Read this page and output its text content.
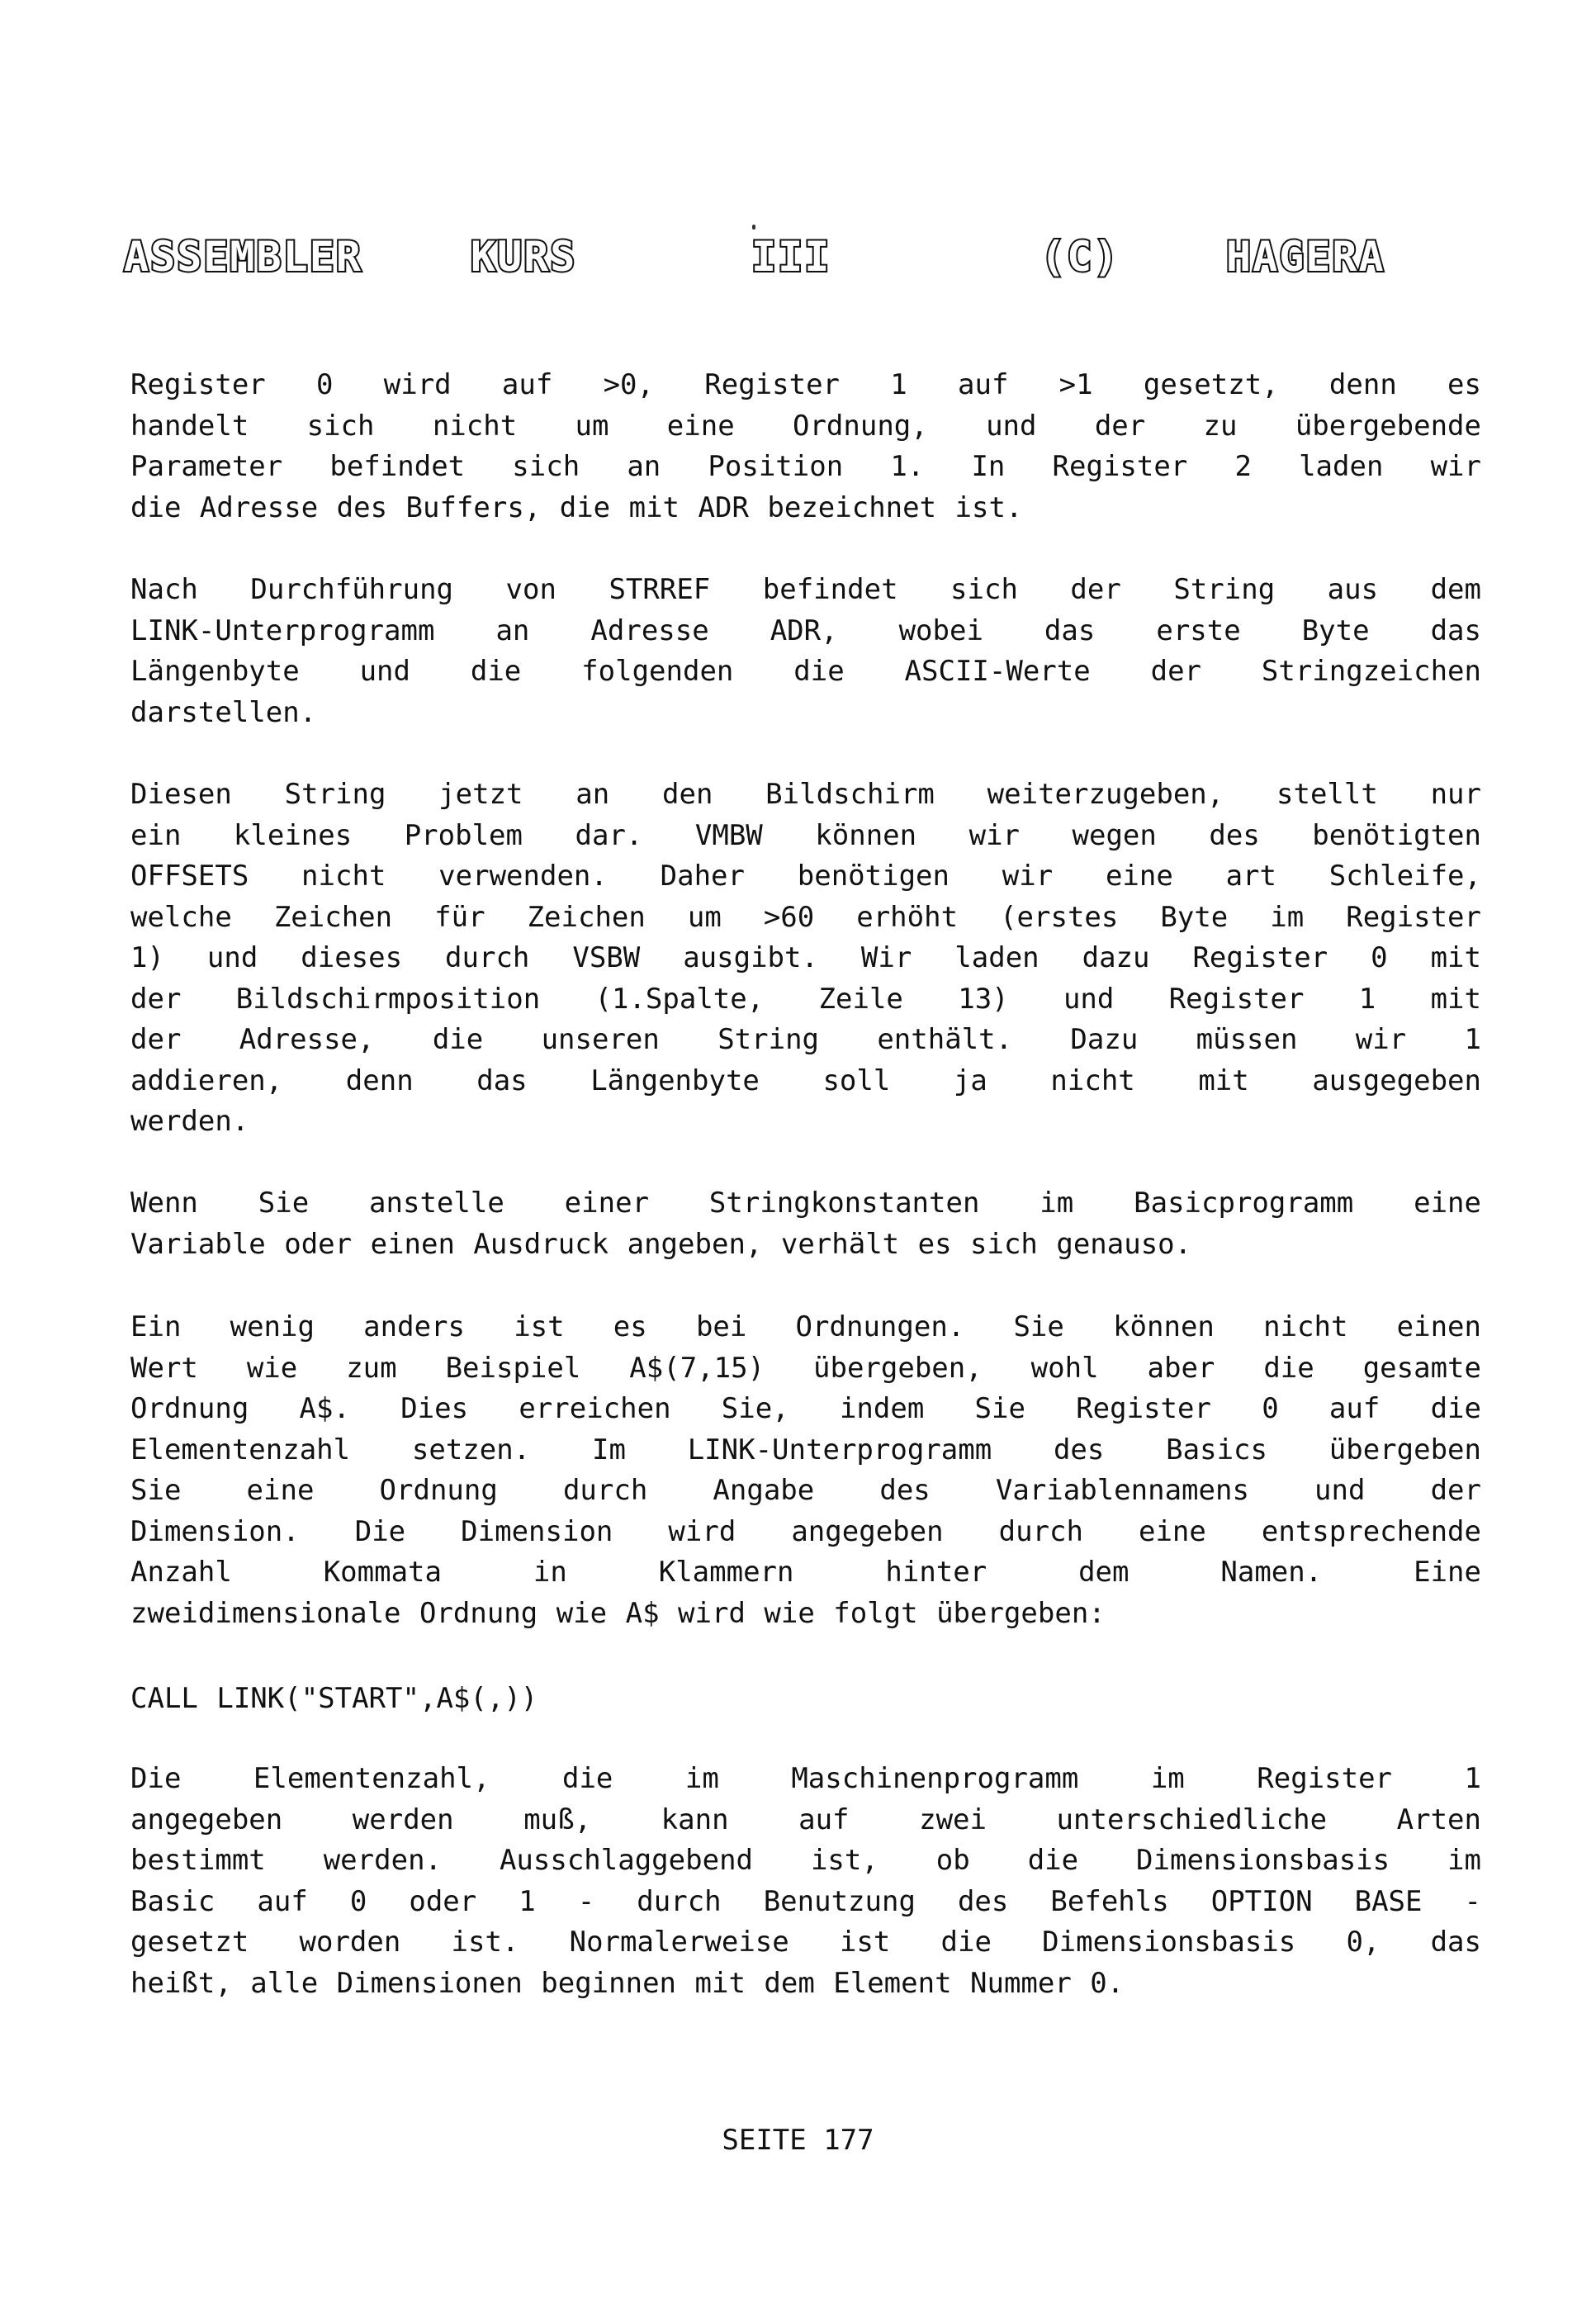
ASSEMBLER	KURS	III	(C)	HAGERA
Register 0 wird auf >0, Register 1 auf >1 gesetzt, denn es
handelt sich nicht um eine Ordnung, und der zu übergebende
Parameter befindet sich an Position 1. In Register 2 laden wir
die Adresse des Buffers, die mit ADR bezeichnet ist.
Nach Durchführung von STRREF befindet sich der String aus dem
LINK-Unterprogramm an Adresse ADR, wobei das erste Byte das
Längenbyte und die folgenden die ASCII-Werte der Stringzeichen
darstellen.
Diesen String jetzt an den Bildschirm weiterzugeben, stellt nur
ein kleines Problem dar. VMBW können wir wegen des benötigten
OFFSETS nicht verwenden. Daher benötigen wir eine art Schleife,
welche Zeichen für Zeichen um >60 erhöht (erstes Byte im Register
1) und dieses durch VSBW ausgibt. Wir laden dazu Register 0 mit
der Bildschirmposition (1.Spalte, Zeile 13) und Register 1 mit
der Adresse, die unseren String enthält. Dazu müssen wir 1
addieren, denn das Längenbyte soll ja nicht mit ausgegeben
werden.
Wenn Sie anstelle einer Stringkonstanten im Basicprogramm eine
Variable oder einen Ausdruck angeben, verhält es sich genauso.
Ein wenig anders ist es bei Ordnungen. Sie können nicht einen
Wert wie zum Beispiel A$(7,15) übergeben, wohl aber die gesamte
Ordnung A$. Dies erreichen Sie, indem Sie Register 0 auf die
Elementenzahl setzen. Im LINK-Unterprogramm des Basics übergeben
Sie eine Ordnung durch Angabe des Variablennamens und der
Dimension. Die Dimension wird angegeben durch eine entsprechende
Anzahl Kommata in Klammern hinter dem Namen. Eine
zweidimensionale Ordnung wie A$ wird wie folgt übergeben:
CALL LINK("START",A$(,))
Die Elementenzahl, die im Maschinenprogramm im Register 1
angegeben werden muß, kann auf zwei unterschiedliche Arten
bestimmt werden. Ausschlaggebend ist, ob die Dimensionsbasis im
Basic auf 0 oder 1 - durch Benutzung des Befehls OPTION BASE -
gesetzt worden ist. Normalerweise ist die Dimensionsbasis 0, das
heißt, alle Dimensionen beginnen mit dem Element Nummer 0.
SEITE 177
